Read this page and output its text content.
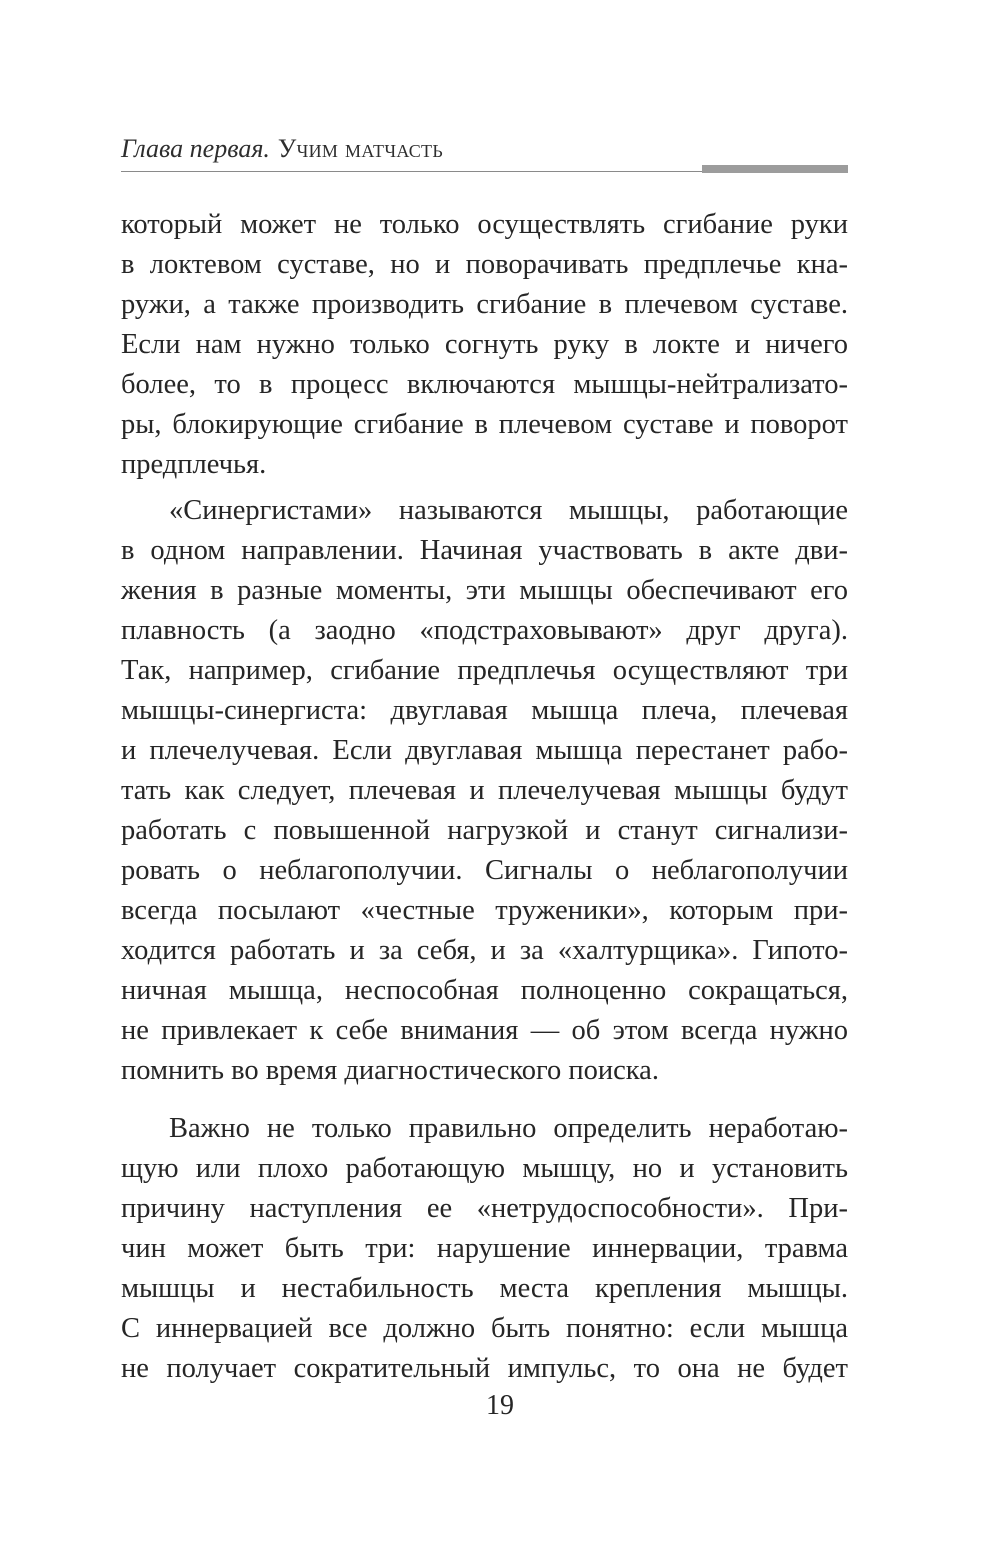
Глава первая. Учим матчасть

который может не только осуществлять сгибание руки
в локтевом суставе, но и поворачивать предплечье кна-
ружи, а также производить сгибание в плечевом суставе.
Если нам нужно только согнуть руку в локте и ничего
более, то в процесс включаются мышцы-нейтрализато-
ры, блокирующие сгибание в плечевом суставе и поворот
предплечья.

«Синергистами» называются мышцы, работающие
в одном направлении. Начиная участвовать в акте дви-
жения в разные моменты, эти мышцы обеспечивают его
плавность (а заодно «подстраховывают» друг друга).
Так, например, сгибание предплечья осуществляют три
мышцы-синергиста: двуглавая мышца плеча, плечевая
и плечелучевая. Если двуглавая мышца перестанет рабо-
тать как следует, плечевая и плечелучевая мышцы будут
работать с повышенной нагрузкой и станут сигнализи-
ровать о неблагополучии. Сигналы о неблагополучии
всегда посылают «честные труженики», которым при-
ходится работать и за себя, и за «халтурщика». Гипото-
ничная мышца, неспособная полноценно сокращаться,
не привлекает к себе внимания — об этом всегда нужно
помнить во время диагностического поиска.

Важно не только правильно определить неработаю-
щую или плохо работающую мышцу, но и установить
причину наступления ее «нетрудоспособности». При-
чин может быть три: нарушение иннервации, травма
мышцы и нестабильность места крепления мышцы.
С иннервацией все должно быть понятно: если мышца
не получает сократительный импульс, то она не будет

19
